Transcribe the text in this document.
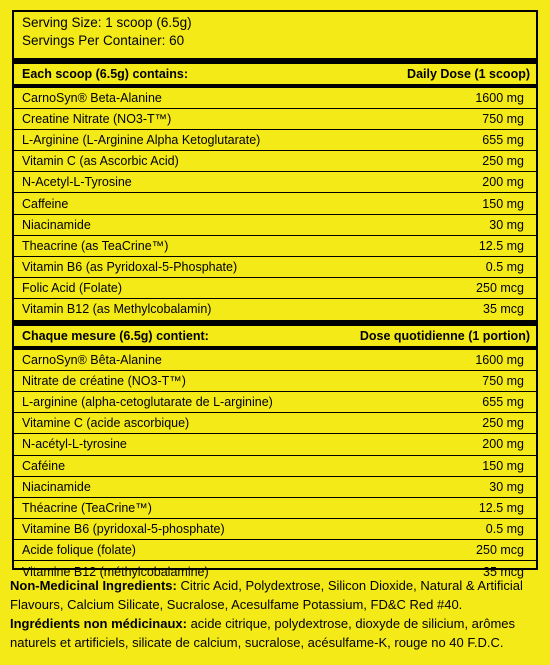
Serving Size: 1 scoop (6.5g)
Servings Per Container: 60
Each scoop (6.5g) contains:	Daily Dose (1 scoop)
CarnoSyn® Beta-Alanine	1600 mg
Creatine Nitrate (NO3-T™)	750 mg
L-Arginine (L-Arginine Alpha Ketoglutarate)	655 mg
Vitamin C (as Ascorbic Acid)	250 mg
N-Acetyl-L-Tyrosine	200 mg
Caffeine	150 mg
Niacinamide	30 mg
Theacrine (as TeaCrine™)	12.5 mg
Vitamin B6 (as Pyridoxal-5-Phosphate)	0.5 mg
Folic Acid (Folate)	250 mcg
Vitamin B12 (as Methylcobalamin)	35 mcg
Chaque mesure (6.5g) contient:	Dose quotidienne (1 portion)
CarnoSyn® Bêta-Alanine	1600 mg
Nitrate de créatine (NO3-T™)	750 mg
L-arginine (alpha-cetoglutarate de L-arginine)	655 mg
Vitamine C (acide ascorbique)	250 mg
N-acétyl-L-tyrosine	200 mg
Caféine	150 mg
Niacinamide	30 mg
Théacrine (TeaCrine™)	12.5 mg
Vitamine B6 (pyridoxal-5-phosphate)	0.5 mg
Acide folique (folate)	250 mcg
Vitamine B12 (méthylcobalamine)	35 mcg

Non-Medicinal Ingredients: Citric Acid, Polydextrose, Silicon Dioxide, Natural & Artificial Flavours, Calcium Silicate, Sucralose, Acesulfame Potassium, FD&C Red #40.

Ingrédients non médicinaux: acide citrique, polydextrose, dioxyde de silicium, arômes naturels et artificiels, silicate de calcium, sucralose, acésulfame-K, rouge no 40 F.D.C.
